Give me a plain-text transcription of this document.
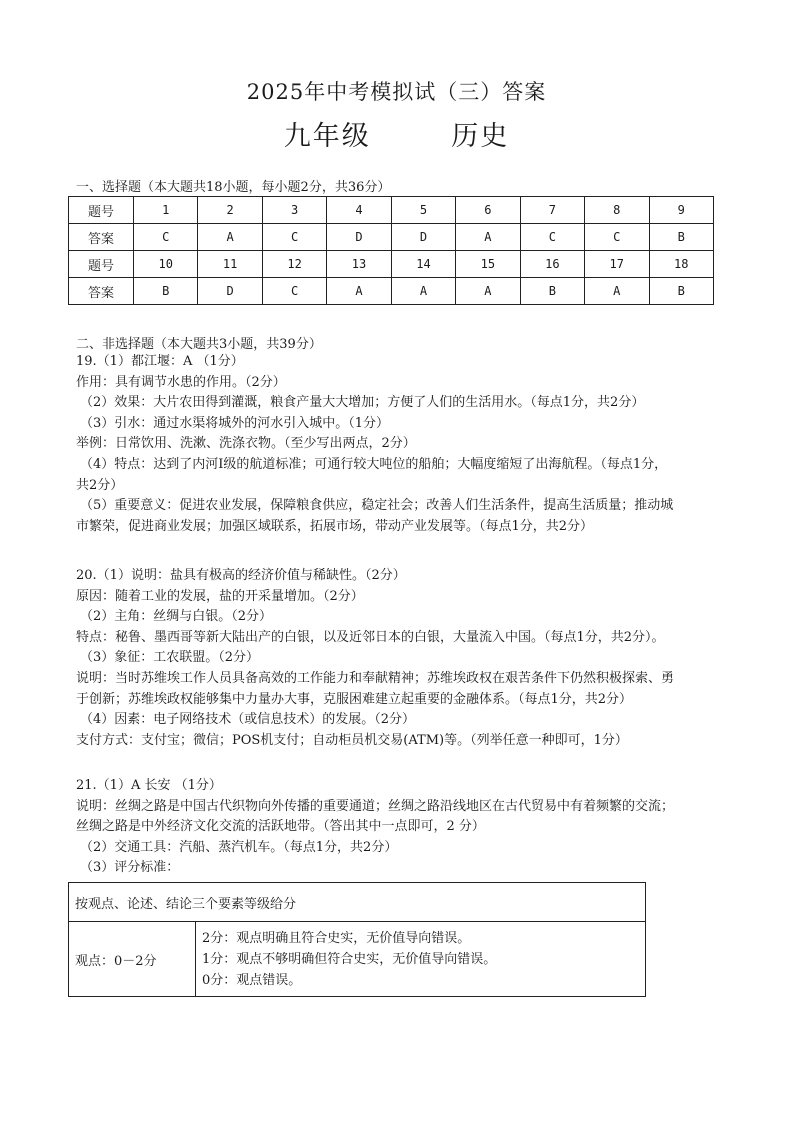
2025年中考模拟试（三）答案
九年级	历史
一、选择题（本大题共18小题，每小题2分，共36分）
题号	1	2	3	4	5	6	7	8	9
答案	C	A	C	D	D	A	C	C	B
题号	10	11	12	13	14	15	16	17	18
答案	B	D	C	A	A	A	B	A	B
二、非选择题（本大题共3小题，共39分）

19.（1）都江堰：A （1分）

作用：具有调节水患的作用。（2分）

（2）效果：大片农田得到灌溉，粮食产量大大增加；方便了人们的生活用水。（每点1分，共2分）

（3）引水：通过水渠将城外的河水引入城中。（1分）

举例：日常饮用、洗漱、洗涤衣物。（至少写出两点，2分）

（4）特点：达到了内河Ⅰ级的航道标准；可通行较大吨位的船舶；大幅度缩短了出海航程。（每点1分，

共2分）

（5）重要意义：促进农业发展，保障粮食供应，稳定社会；改善人们生活条件，提高生活质量；推动城

市繁荣，促进商业发展；加强区域联系，拓展市场，带动产业发展等。（每点1分，共2分）

20.（1）说明：盐具有极高的经济价值与稀缺性。（2分）

原因：随着工业的发展，盐的开采量增加。（2分）

（2）主角：丝绸与白银。（2分）

特点：秘鲁、墨西哥等新大陆出产的白银，以及近邻日本的白银，大量流入中国。（每点1分，共2分）。

（3）象征：工农联盟。（2分）

说明：当时苏维埃工作人员具备高效的工作能力和奉献精神；苏维埃政权在艰苦条件下仍然积极探索、勇

于创新；苏维埃政权能够集中力量办大事，克服困难建立起重要的金融体系。（每点1分，共2分）

（4）因素：电子网络技术（或信息技术）的发展。（2分）

支付方式：支付宝；微信；POS机支付；自动柜员机交易(ATM)等。（列举任意一种即可，1分）

21.（1）A 长安 （1分）

说明：丝绸之路是中国古代织物向外传播的重要通道；丝绸之路沿线地区在古代贸易中有着频繁的交流；

丝绸之路是中外经济文化交流的活跃地带。（答出其中一点即可，2 分）

（2）交通工具：汽船、蒸汽机车。（每点1分，共2分）

（3）评分标准：

按观点、论述、结论三个要素等级给分
观点：0－2分	
2分：观点明确且符合史实，无价值导向错误。
1分：观点不够明确但符合史实，无价值导向错误。
0分：观点错误。
